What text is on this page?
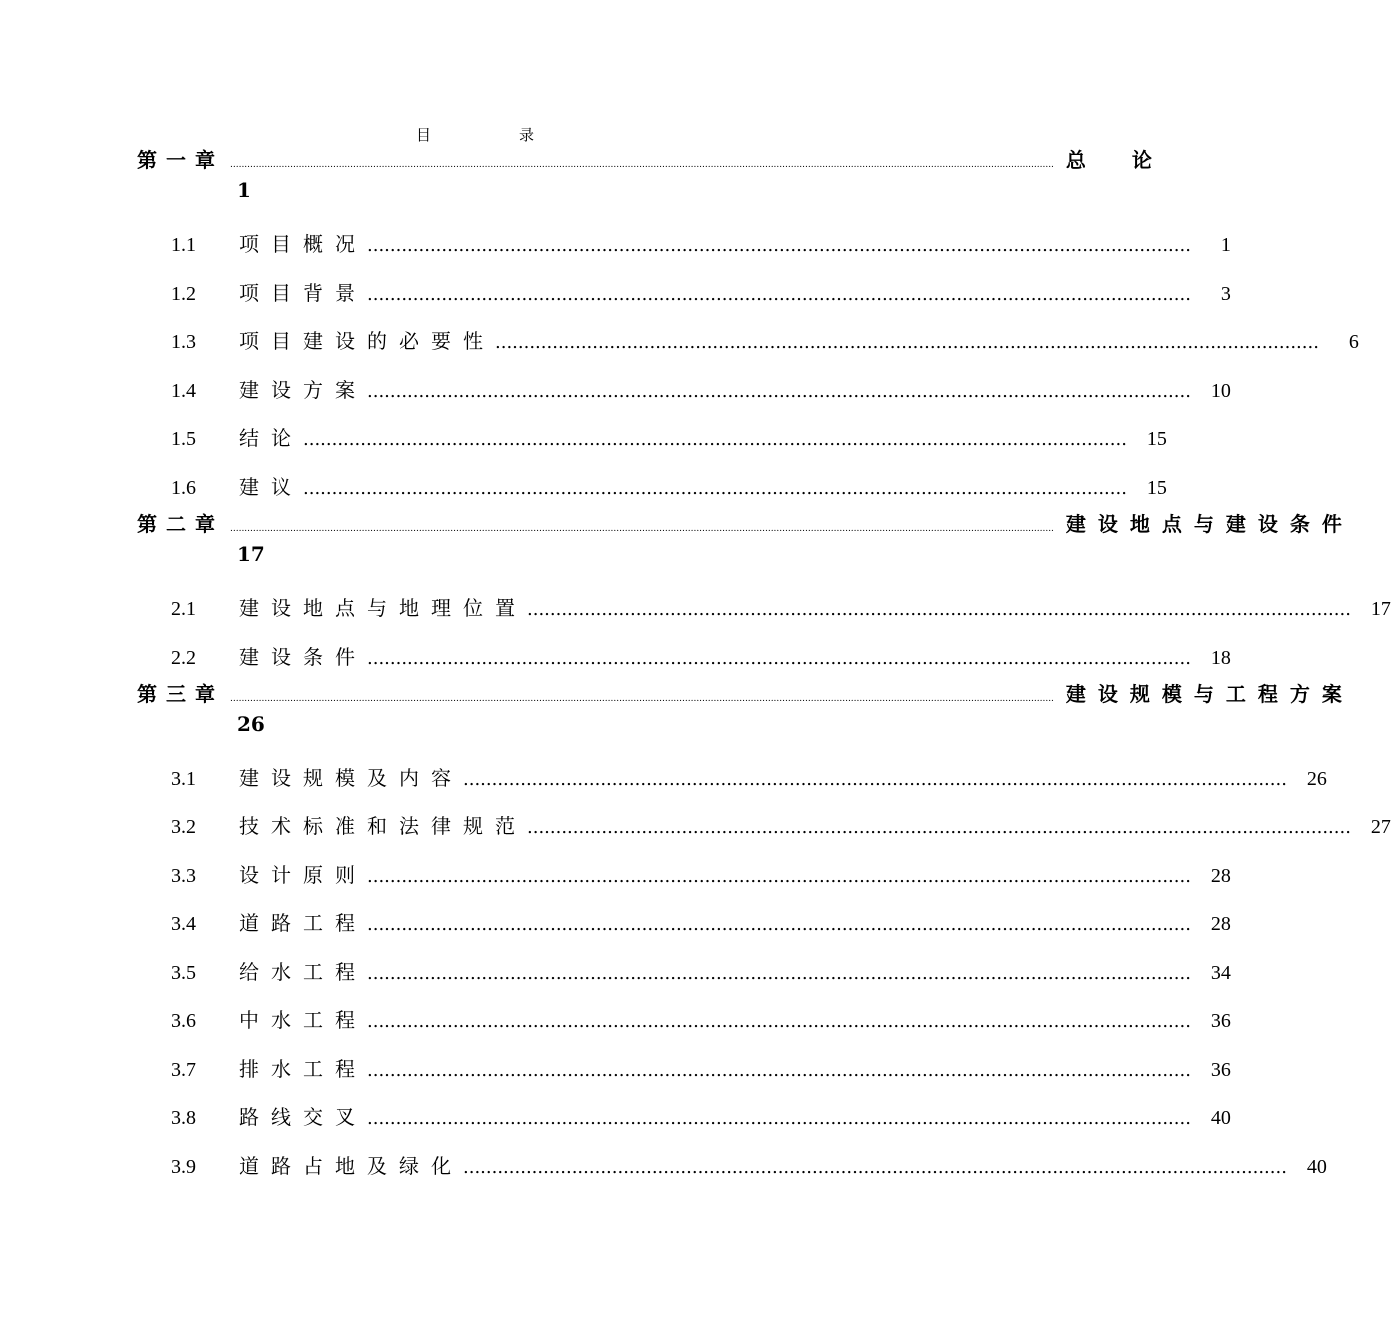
目录
第一章 ................................................................................................................................................................................................................................................................................................ 总论
1
1.1	项目概况 ................................................................................................................................................	1
1.2	项目背景 ................................................................................................................................................	3
1.3	项目建设的必要性 ................................................................................................................................................	6
1.4	建设方案 ................................................................................................................................................	10
1.5	结论 ................................................................................................................................................	15
1.6	建议 ................................................................................................................................................	15
第二章 ................................................................................................................................................................................................................................................................................................ 建设地点与建设条件
17
2.1	建设地点与地理位置 ................................................................................................................................................	17
2.2	建设条件 ................................................................................................................................................	18
第三章 ................................................................................................................................................................................................................................................................................................ 建设规模与工程方案
26
3.1	建设规模及内容 ................................................................................................................................................	26
3.2	技术标准和法律规范 ................................................................................................................................................	27
3.3	设计原则 ................................................................................................................................................	28
3.4	道路工程 ................................................................................................................................................	28
3.5	给水工程 ................................................................................................................................................	34
3.6	中水工程 ................................................................................................................................................	36
3.7	排水工程 ................................................................................................................................................	36
3.8	路线交叉 ................................................................................................................................................	40
3.9	道路占地及绿化 ................................................................................................................................................	40
